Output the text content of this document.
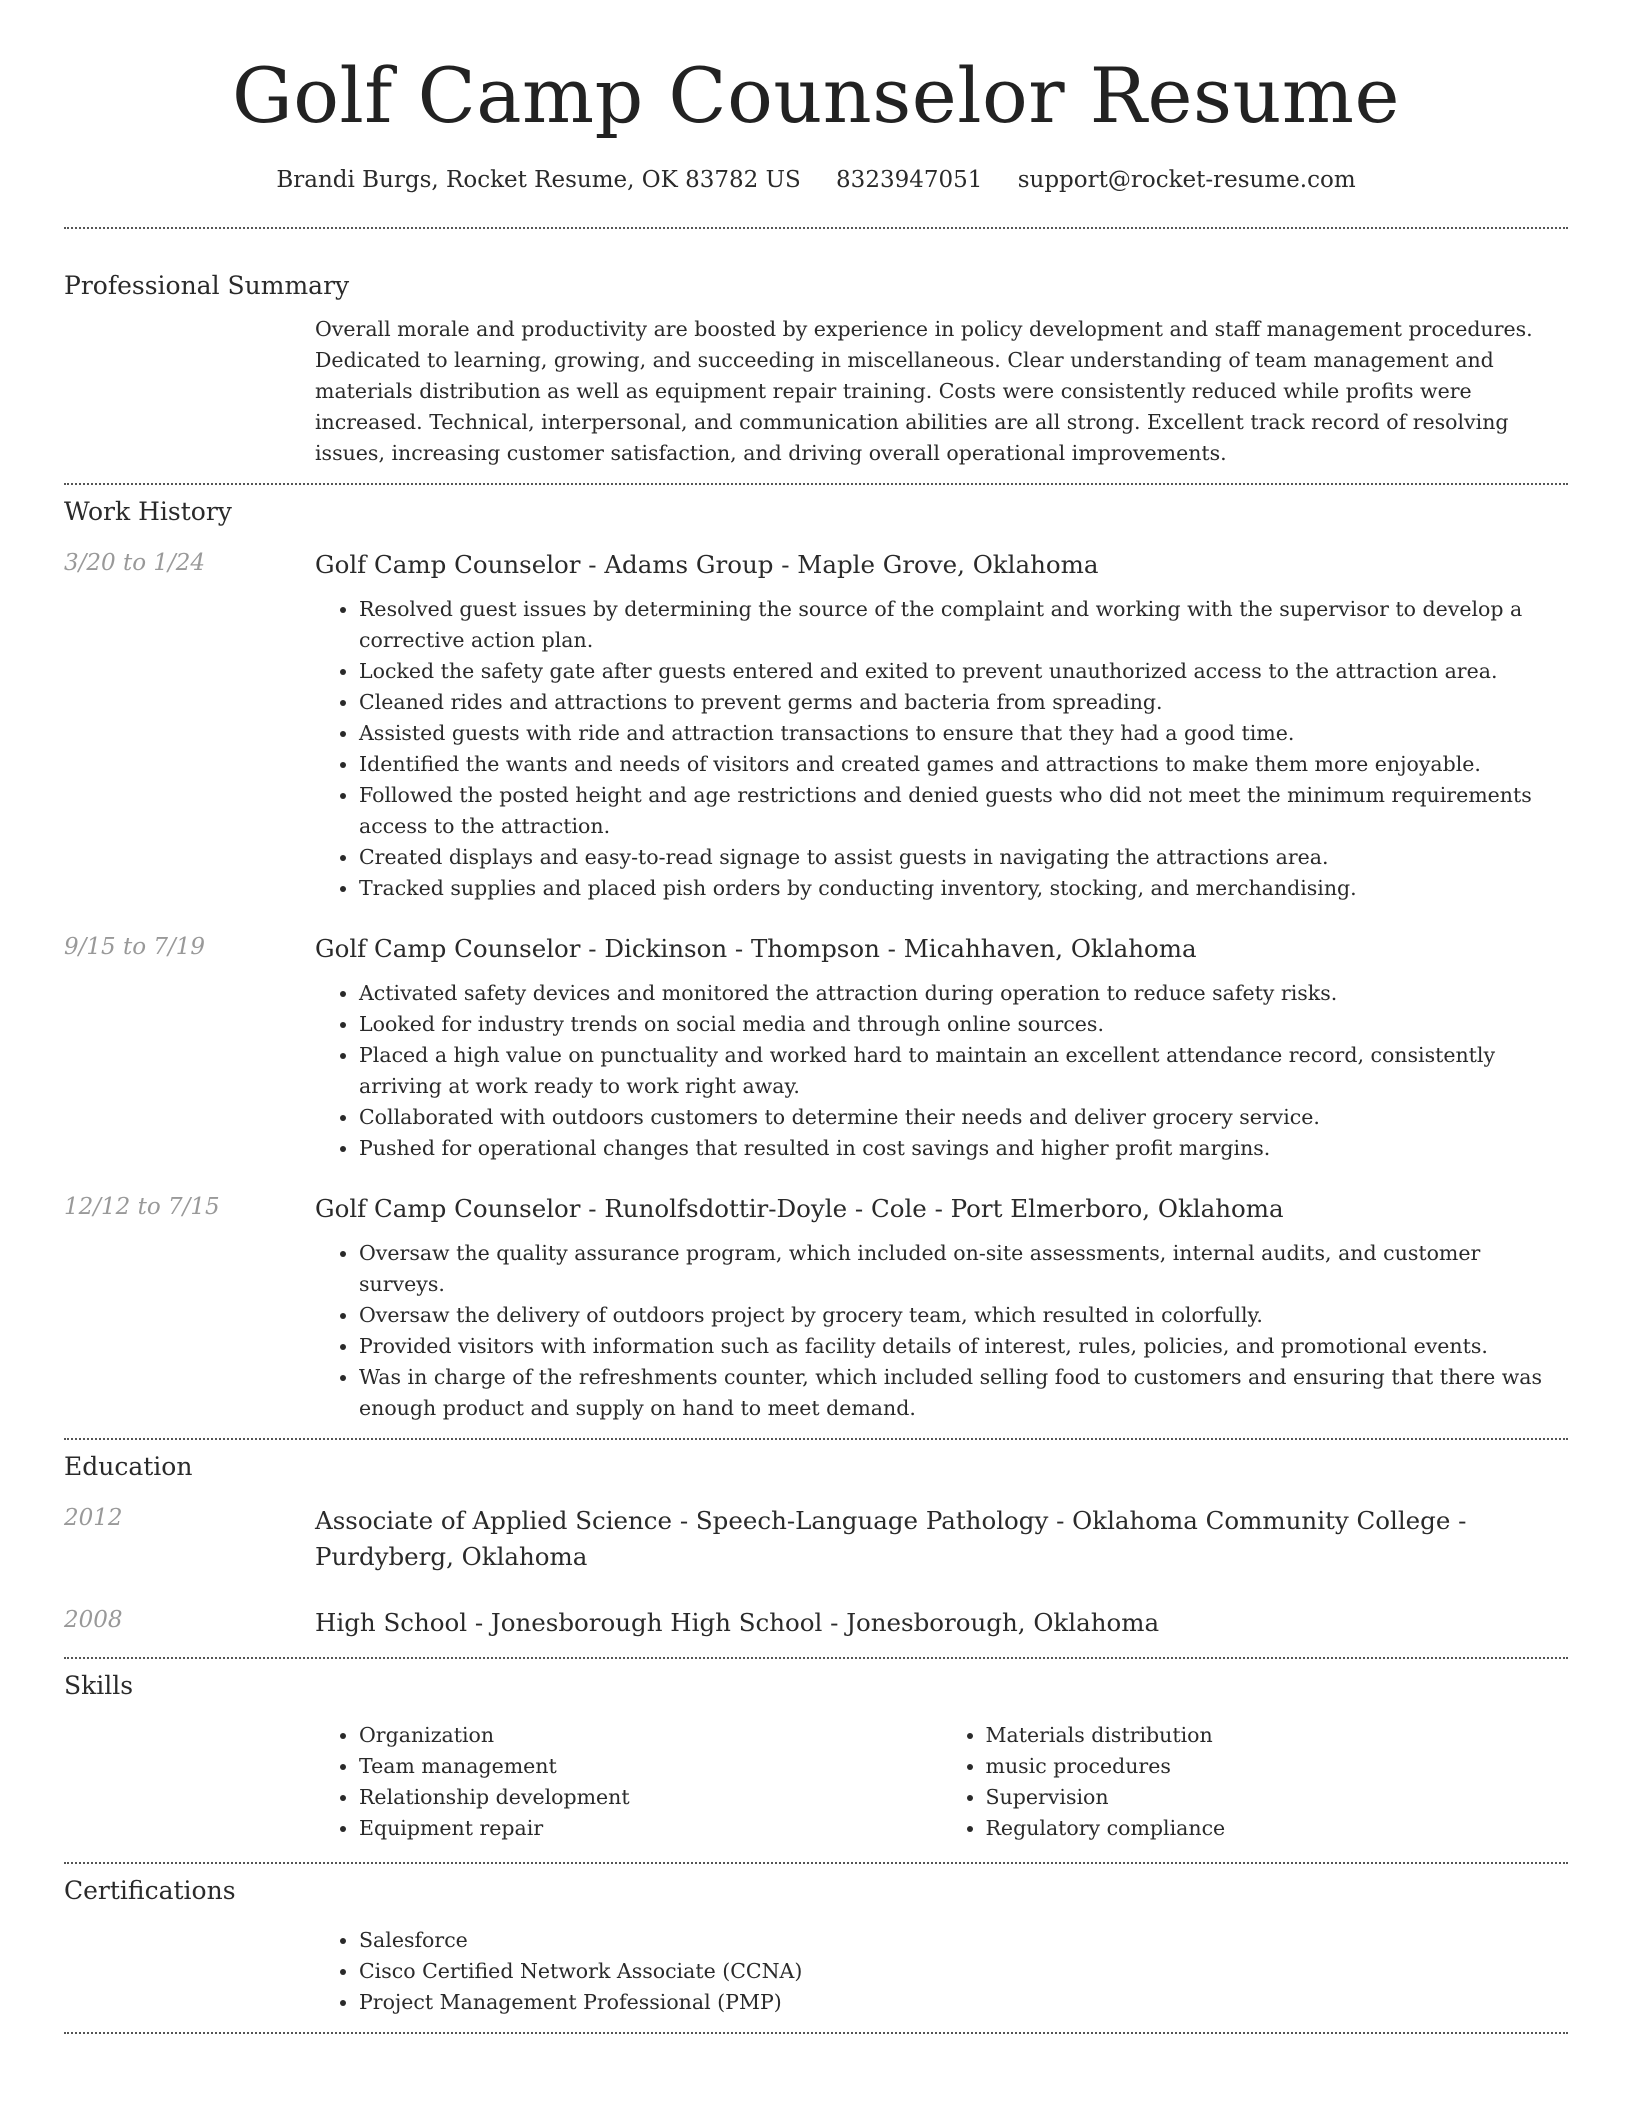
Golf Camp Counselor Resume
Brandi Burgs, Rocket Resume, OK 83782 US 8323947051 support@rocket-resume.com
Professional Summary

Overall morale and productivity are boosted by experience in policy development and staff management procedures. Dedicated to learning, growing, and succeeding in miscellaneous. Clear understanding of team management and materials distribution as well as equipment repair training. Costs were consistently reduced while profits were increased. Technical, interpersonal, and communication abilities are all strong. Excellent track record of resolving issues, increasing customer satisfaction, and driving overall operational improvements.

Work History
3/20 to 1/24	Golf Camp Counselor - Adams Group - Maple Grove, Oklahoma
• Resolved guest issues by determining the source of the complaint and working with the supervisor to develop a corrective action plan.
• Locked the safety gate after guests entered and exited to prevent unauthorized access to the attraction area.
• Cleaned rides and attractions to prevent germs and bacteria from spreading.
• Assisted guests with ride and attraction transactions to ensure that they had a good time.
• Identified the wants and needs of visitors and created games and attractions to make them more enjoyable.
• Followed the posted height and age restrictions and denied guests who did not meet the minimum requirements access to the attraction.
• Created displays and easy-to-read signage to assist guests in navigating the attractions area.
• Tracked supplies and placed pish orders by conducting inventory, stocking, and merchandising.
9/15 to 7/19	Golf Camp Counselor - Dickinson - Thompson - Micahhaven, Oklahoma
• Activated safety devices and monitored the attraction during operation to reduce safety risks.
• Looked for industry trends on social media and through online sources.
• Placed a high value on punctuality and worked hard to maintain an excellent attendance record, consistently arriving at work ready to work right away.
• Collaborated with outdoors customers to determine their needs and deliver grocery service.
• Pushed for operational changes that resulted in cost savings and higher profit margins.
12/12 to 7/15	Golf Camp Counselor - Runolfsdottir-Doyle - Cole - Port Elmerboro, Oklahoma
• Oversaw the quality assurance program, which included on-site assessments, internal audits, and customer surveys.
• Oversaw the delivery of outdoors project by grocery team, which resulted in colorfully.
• Provided visitors with information such as facility details of interest, rules, policies, and promotional events.
• Was in charge of the refreshments counter, which included selling food to customers and ensuring that there was enough product and supply on hand to meet demand.
Education
2012	Associate of Applied Science - Speech-Language Pathology - Oklahoma Community College - Purdyberg, Oklahoma
2008	High School - Jonesborough High School - Jonesborough, Oklahoma
Skills
• Organization
• Team management
• Relationship development
• Equipment repair
• Materials distribution
• music procedures
• Supervision
• Regulatory compliance
Certifications
• Salesforce
• Cisco Certified Network Associate (CCNA)
• Project Management Professional (PMP)
